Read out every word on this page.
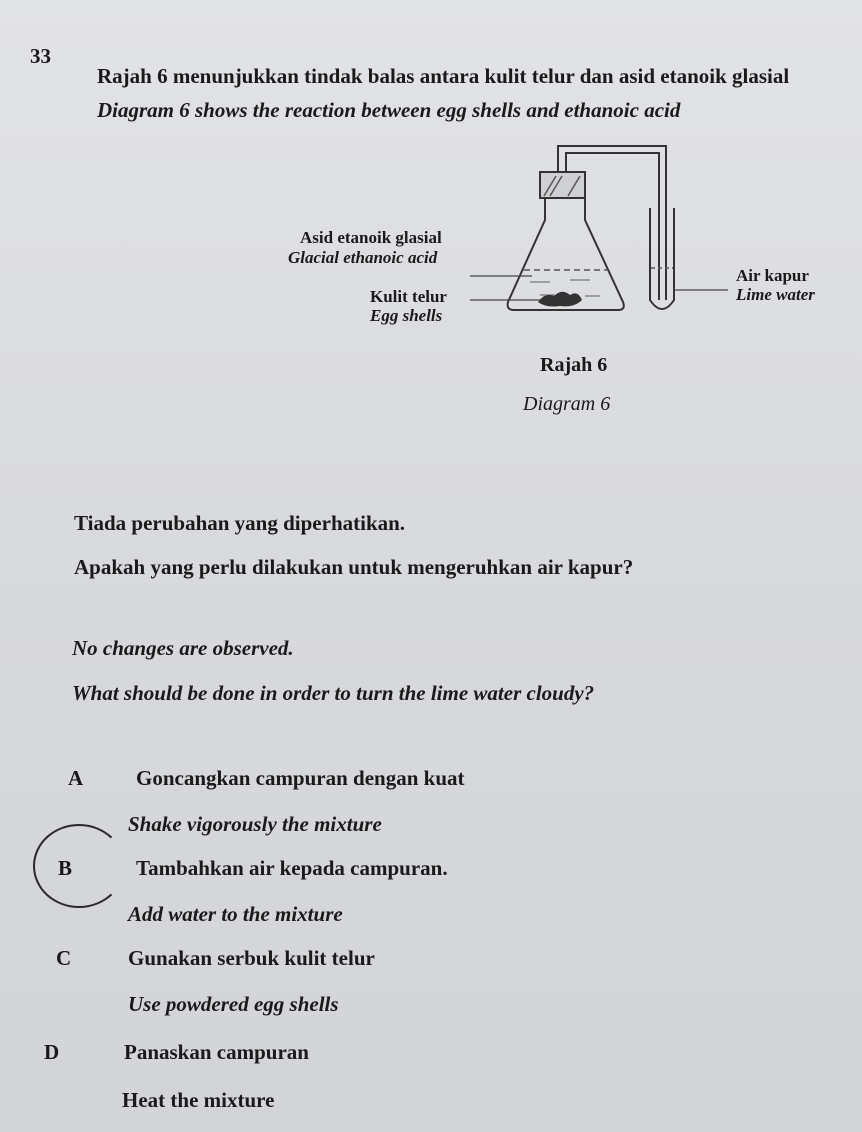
33
Rajah 6 menunjukkan tindak balas antara kulit telur dan asid etanoik glasial
Diagram 6 shows the reaction between egg shells and ethanoic acid
Asid etanoik glasial
Glacial ethanoic acid
Kulit telur
Egg shells
Air kapur
Lime water
Rajah 6
Diagram 6
Tiada perubahan yang diperhatikan.
Apakah yang perlu dilakukan untuk mengeruhkan air kapur?
No changes are observed.
What should be done in order to turn the lime water cloudy?
A	Goncangkan campuran dengan kuat
Shake vigorously the mixture
B	Tambahkan air kepada campuran.
Add water to the mixture
C	Gunakan serbuk kulit telur
Use powdered egg shells
D	Panaskan campuran
Heat the mixture
